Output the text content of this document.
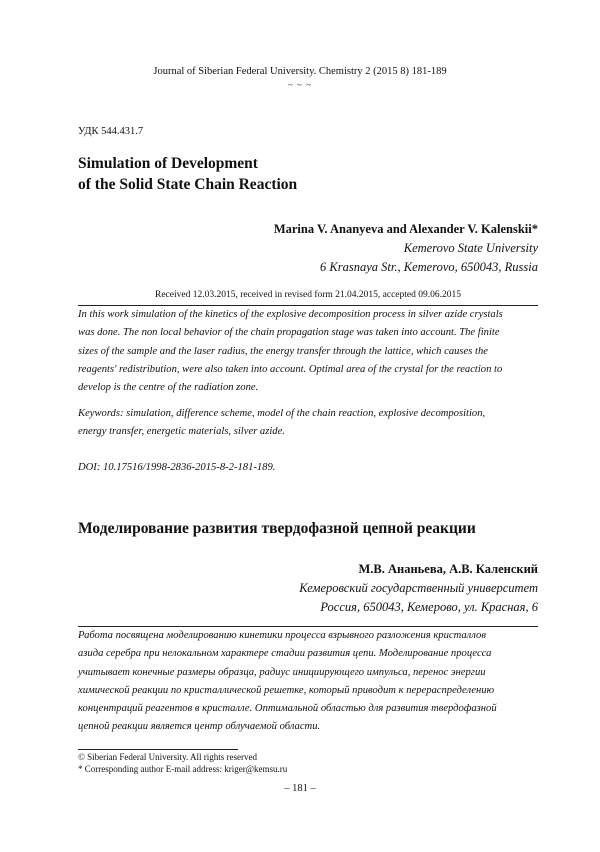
Journal of Siberian Federal University. Chemistry 2 (2015 8) 181-189
~ ~ ~
УДК 544.431.7
Simulation of Development
of the Solid State Chain Reaction
Marina V. Ananyeva and Alexander V. Kalenskii*
Kemerovo State University
6 Krasnaya Str., Kemerovo, 650043, Russia
Received 12.03.2015, received in revised form 21.04.2015, accepted 09.06.2015
In this work simulation of the kinetics of the explosive decomposition process in silver azide crystals
was done. The non local behavior of the chain propagation stage was taken into account. The finite
sizes of the sample and the laser radius, the energy transfer through the lattice, which causes the
reagents' redistribution, were also taken into account. Optimal area of the crystal for the reaction to
develop is the centre of the radiation zone.
Keywords: simulation, difference scheme, model of the chain reaction, explosive decomposition,
energy transfer, energetic materials, silver azide.
DOI: 10.17516/1998-2836-2015-8-2-181-189.
Моделирование развития твердофазной цепной реакции
М.В. Ананьева, А.В. Каленский
Кемеровский государственный университет
Россия, 650043, Кемерово, ул. Красная, 6
Работа посвящена моделированию кинетики процесса взрывного разложения кристаллов
азида серебра при нелокальном характере стадии развития цепи. Моделирование процесса
учитывает конечные размеры образца, радиус инициирующего импульса, перенос энергии
химической реакции по кристаллической решетке, который приводит к перераспределению
концентраций реагентов в кристалле. Оптимальной областью для развития твердофазной
цепной реакции является центр облучаемой области.
© Siberian Federal University. All rights reserved
* Corresponding author E-mail address: kriger@kemsu.ru
– 181 –
